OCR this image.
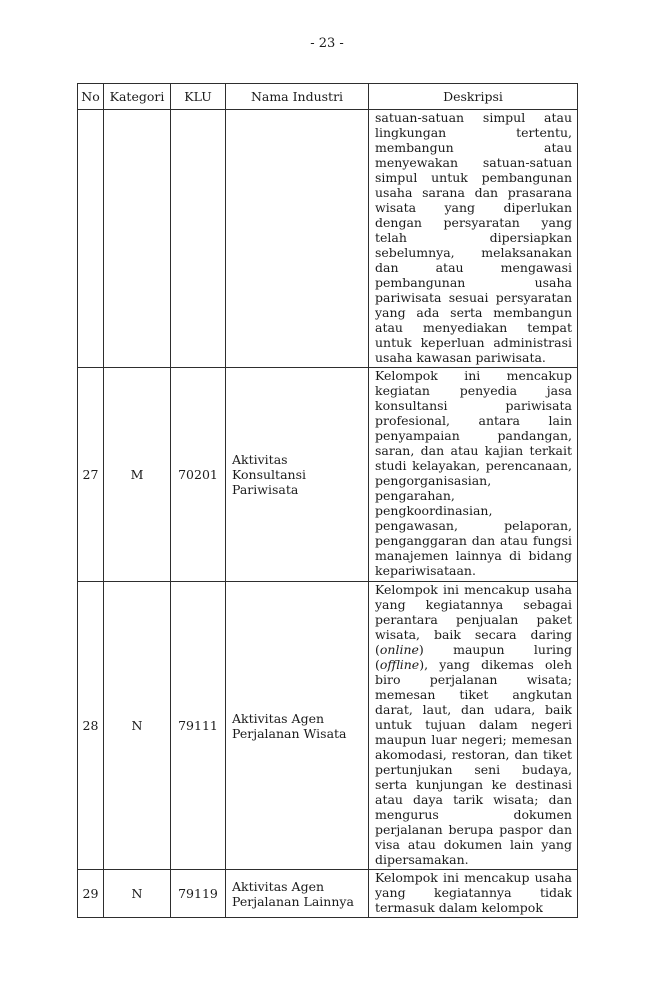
- 23 -
No	Kategori	KLU	Nama Industri	Deskripsi
				satuan-satuan simpul atau lingkungan tertentu, membangun atau menyewakan satuan-satuan simpul untuk pembangunan usaha sarana dan prasarana wisata yang diperlukan dengan persyaratan yang telah dipersiapkan sebelumnya, melaksanakan dan atau mengawasi pembangunan usaha pariwisata sesuai persyaratan yang ada serta membangun atau menyediakan tempat untuk keperluan administrasi usaha kawasan pariwisata.
27	M	70201	Aktivitas Konsultansi Pariwisata	Kelompok ini mencakup kegiatan penyedia jasa konsultansi pariwisata profesional, antara lain penyampaian pandangan, saran, dan atau kajian terkait studi kelayakan, perencanaan, pengorganisasian, pengarahan, pengkoordinasian, pengawasan, pelaporan, penganggaran dan atau fungsi manajemen lainnya di bidang kepariwisataan.
28	N	79111	Aktivitas Agen Perjalanan Wisata	Kelompok ini mencakup usaha yang kegiatannya sebagai perantara penjualan paket wisata, baik secara daring (online) maupun luring (offline), yang dikemas oleh biro perjalanan wisata; memesan tiket angkutan darat, laut, dan udara, baik untuk tujuan dalam negeri maupun luar negeri; memesan akomodasi, restoran, dan tiket pertunjukan seni budaya, serta kunjungan ke destinasi atau daya tarik wisata; dan mengurus dokumen perjalanan berupa paspor dan visa atau dokumen lain yang dipersamakan.
29	N	79119	Aktivitas Agen Perjalanan Lainnya	Kelompok ini mencakup usaha yang kegiatannya tidak termasuk dalam kelompok
